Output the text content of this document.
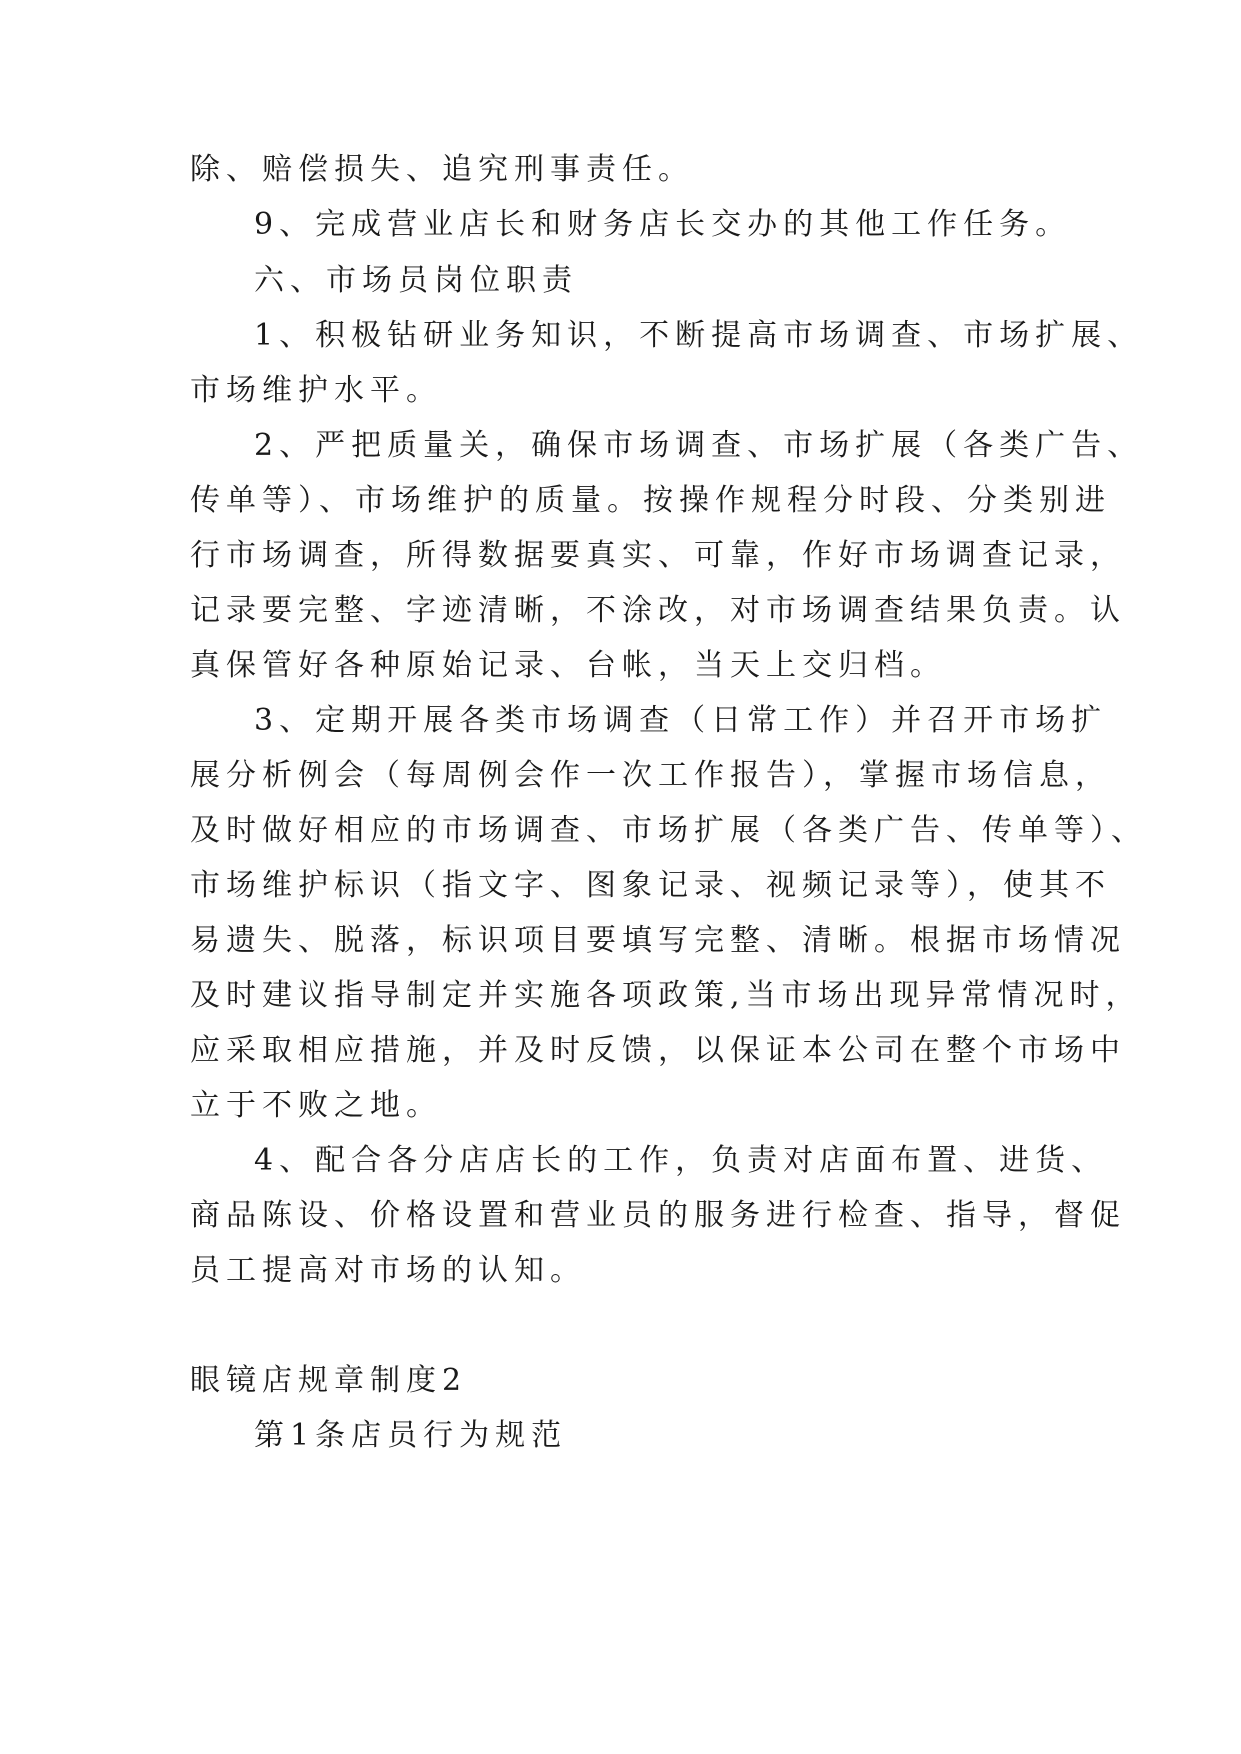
除、赔偿损失、追究刑事责任。
9、完成营业店长和财务店长交办的其他工作任务。
六、市场员岗位职责
1、积极钻研业务知识，不断提高市场调查、市场扩展、
市场维护水平。
2、严把质量关，确保市场调查、市场扩展（各类广告、
传单等）、市场维护的质量。按操作规程分时段、分类别进
行市场调查，所得数据要真实、可靠，作好市场调查记录，
记录要完整、字迹清晰，不涂改，对市场调查结果负责。认
真保管好各种原始记录、台帐，当天上交归档。
3、定期开展各类市场调查（日常工作）并召开市场扩
展分析例会（每周例会作一次工作报告），掌握市场信息，
及时做好相应的市场调查、市场扩展（各类广告、传单等）、
市场维护标识（指文字、图象记录、视频记录等），使其不
易遗失、脱落，标识项目要填写完整、清晰。根据市场情况
及时建议指导制定并实施各项政策,当市场出现异常情况时，
应采取相应措施，并及时反馈，以保证本公司在整个市场中
立于不败之地。
4、配合各分店店长的工作，负责对店面布置、进货、
商品陈设、价格设置和营业员的服务进行检查、指导，督促
员工提高对市场的认知。
眼镜店规章制度2
第1条店员行为规范
